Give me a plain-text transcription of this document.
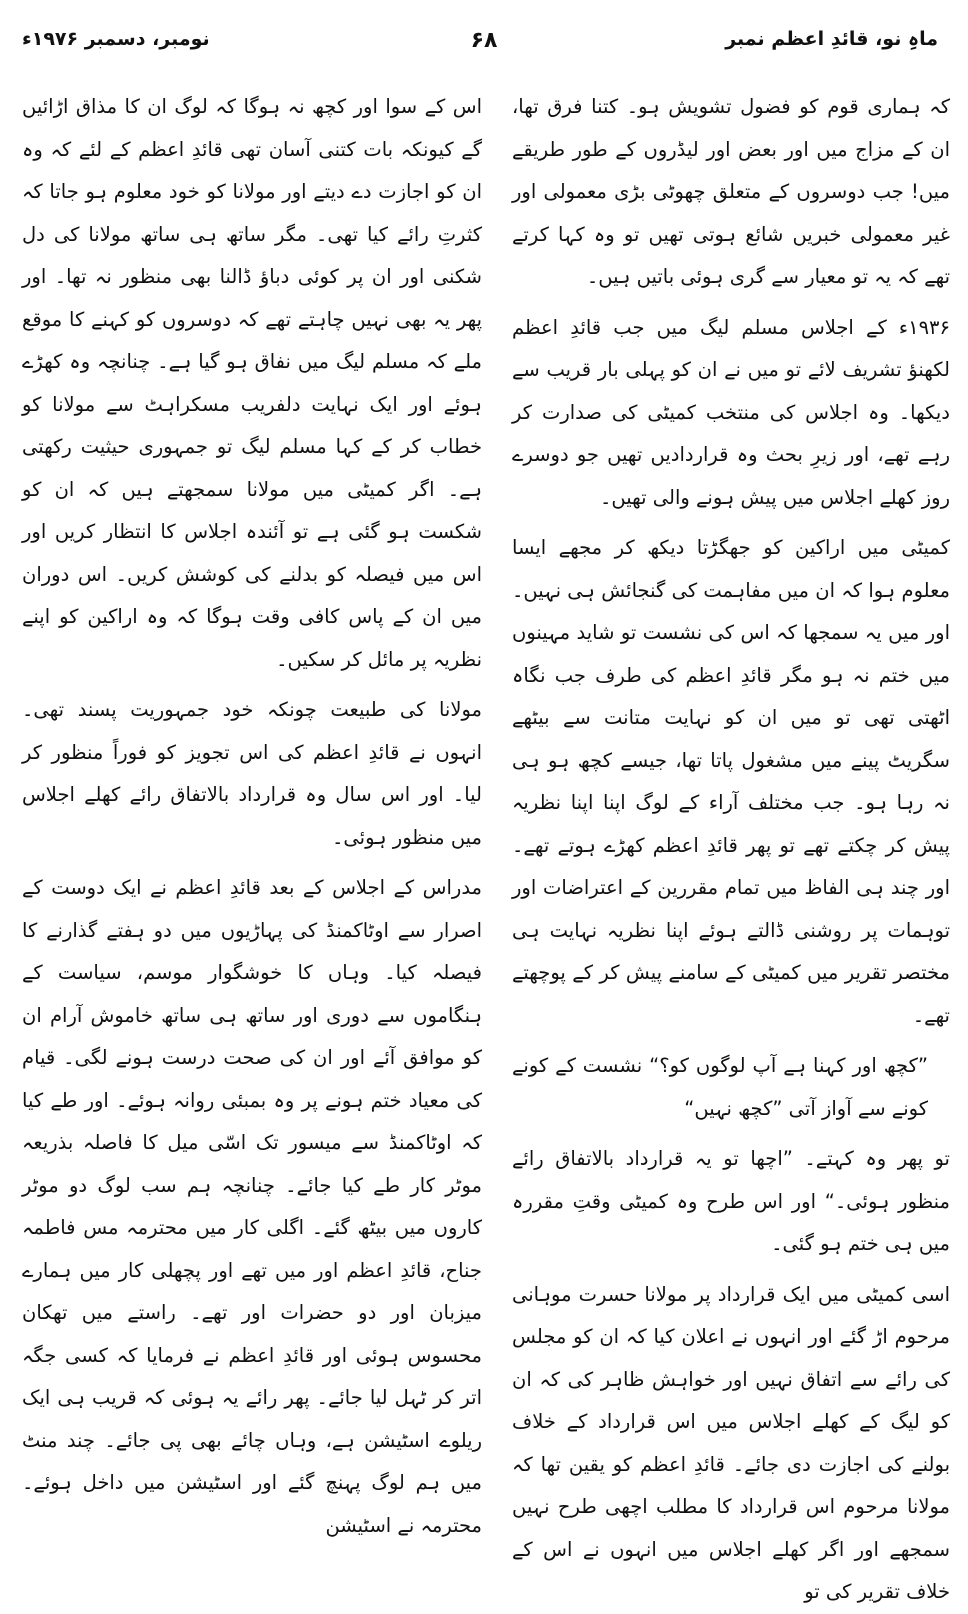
ماہِ نو، قائدِ اعظم نمبر
۶۸
نومبر، دسمبر ۱۹۷۶ء

کہ ہماری قوم کو فضول تشویش ہو۔ کتنا فرق تھا، ان کے مزاج میں اور بعض اور لیڈروں کے طور طریقے میں! جب دوسروں کے متعلق چھوٹی بڑی معمولی اور غیر معمولی خبریں شائع ہوتی تھیں تو وہ کہا کرتے تھے کہ یہ تو معیار سے گری ہوئی باتیں ہیں۔

۱۹۳۶ء کے اجلاس مسلم لیگ میں جب قائدِ اعظم لکھنؤ تشریف لائے تو میں نے ان کو پہلی بار قریب سے دیکھا۔ وہ اجلاس کی منتخب کمیٹی کی صدارت کر رہے تھے، اور زیرِ بحث وہ قراردادیں تھیں جو دوسرے روز کھلے اجلاس میں پیش ہونے والی تھیں۔

کمیٹی میں اراکین کو جھگڑتا دیکھ کر مجھے ایسا معلوم ہوا کہ ان میں مفاہمت کی گنجائش ہی نہیں۔ اور میں یہ سمجھا کہ اس کی نشست تو شاید مہینوں میں ختم نہ ہو مگر قائدِ اعظم کی طرف جب نگاہ اٹھتی تھی تو میں ان کو نہایت متانت سے بیٹھے سگریٹ پینے میں مشغول پاتا تھا، جیسے کچھ ہو ہی نہ رہا ہو۔ جب مختلف آراء کے لوگ اپنا اپنا نظریہ پیش کر چکتے تھے تو پھر قائدِ اعظم کھڑے ہوتے تھے۔ اور چند ہی الفاظ میں تمام مقررین کے اعتراضات اور توہمات پر روشنی ڈالتے ہوئے اپنا نظریہ نہایت ہی مختصر تقریر میں کمیٹی کے سامنے پیش کر کے پوچھتے تھے۔

”کچھ اور کہنا ہے آپ لوگوں کو؟“ نشست کے کونے کونے سے آواز آتی ”کچھ نہیں“

تو پھر وہ کہتے۔ ”اچھا تو یہ قرارداد بالاتفاق رائے منظور ہوئی۔“ اور اس طرح وہ کمیٹی وقتِ مقررہ میں ہی ختم ہو گئی۔

اسی کمیٹی میں ایک قرارداد پر مولانا حسرت موہانی مرحوم اڑ گئے اور انہوں نے اعلان کیا کہ ان کو مجلس کی رائے سے اتفاق نہیں اور خواہش ظاہر کی کہ ان کو لیگ کے کھلے اجلاس میں اس قرارداد کے خلاف بولنے کی اجازت دی جائے۔ قائدِ اعظم کو یقین تھا کہ مولانا مرحوم اس قرارداد کا مطلب اچھی طرح نہیں سمجھے اور اگر کھلے اجلاس میں انہوں نے اس کے خلاف تقریر کی تو

اس کے سوا اور کچھ نہ ہوگا کہ لوگ ان کا مذاق اڑائیں گے کیونکہ بات کتنی آسان تھی قائدِ اعظم کے لئے کہ وہ ان کو اجازت دے دیتے اور مولانا کو خود معلوم ہو جاتا کہ کثرتِ رائے کیا تھی۔ مگر ساتھ ہی ساتھ مولانا کی دل شکنی اور ان پر کوئی دباؤ ڈالنا بھی منظور نہ تھا۔ اور پھر یہ بھی نہیں چاہتے تھے کہ دوسروں کو کہنے کا موقع ملے کہ مسلم لیگ میں نفاق ہو گیا ہے۔ چنانچہ وہ کھڑے ہوئے اور ایک نہایت دلفریب مسکراہٹ سے مولانا کو خطاب کر کے کہا مسلم لیگ تو جمہوری حیثیت رکھتی ہے۔ اگر کمیٹی میں مولانا سمجھتے ہیں کہ ان کو شکست ہو گئی ہے تو آئندہ اجلاس کا انتظار کریں اور اس میں فیصلہ کو بدلنے کی کوشش کریں۔ اس دوران میں ان کے پاس کافی وقت ہوگا کہ وہ اراکین کو اپنے نظریہ پر مائل کر سکیں۔

مولانا کی طبیعت چونکہ خود جمہوریت پسند تھی۔ انہوں نے قائدِ اعظم کی اس تجویز کو فوراً منظور کر لیا۔ اور اس سال وہ قرارداد بالاتفاق رائے کھلے اجلاس میں منظور ہوئی۔

مدراس کے اجلاس کے بعد قائدِ اعظم نے ایک دوست کے اصرار سے اوٹاکمنڈ کی پہاڑیوں میں دو ہفتے گذارنے کا فیصلہ کیا۔ وہاں کا خوشگوار موسم، سیاست کے ہنگاموں سے دوری اور ساتھ ہی ساتھ خاموش آرام ان کو موافق آئے اور ان کی صحت درست ہونے لگی۔ قیام کی معیاد ختم ہونے پر وہ بمبئی روانہ ہوئے۔ اور طے کیا کہ اوٹاکمنڈ سے میسور تک اسّی میل کا فاصلہ بذریعہ موٹر کار طے کیا جائے۔ چنانچہ ہم سب لوگ دو موٹر کاروں میں بیٹھ گئے۔ اگلی کار میں محترمہ مس فاطمہ جناح، قائدِ اعظم اور میں تھے اور پچھلی کار میں ہمارے میزبان اور دو حضرات اور تھے۔ راستے میں تھکان محسوس ہوئی اور قائدِ اعظم نے فرمایا کہ کسی جگہ اتر کر ٹہل لیا جائے۔ پھر رائے یہ ہوئی کہ قریب ہی ایک ریلوے اسٹیشن ہے، وہاں چائے بھی پی جائے۔ چند منٹ میں ہم لوگ پہنچ گئے اور اسٹیشن میں داخل ہوئے۔ محترمہ نے اسٹیشن
